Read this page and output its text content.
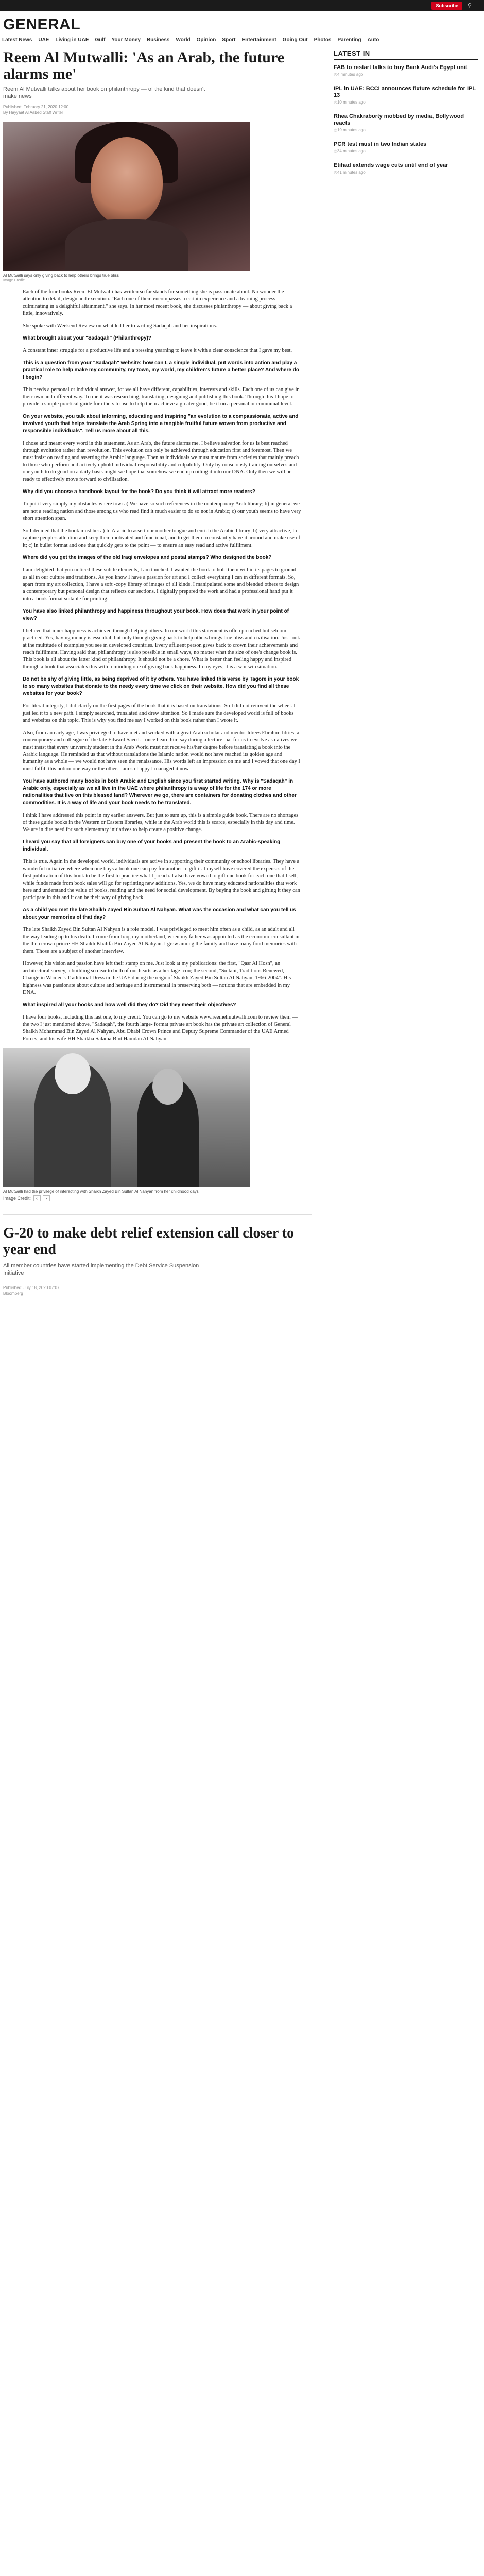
Subscribe	⚲
GENERAL
Latest News UAE Living in UAE Gulf Your Money Business World Opinion Sport Entertainment Going Out Photos Parenting Auto
Reem Al Mutwalli: 'As an Arab, the future alarms me'
Reem Al Mutwalli talks about her book on philanthropy — of the kind that doesn't make news
Published: February 21, 2020 12:00
By Hayyaat Al Aabed Staff Writer
Al Mutwalli says only giving back to help others brings true bliss
Image Credit:

Each of the four books Reem El Mutwalli has written so far stands for something she is passionate about. No wonder the attention to detail, design and execution. "Each one of them encompasses a certain experience and a learning process culminating in a delightful attainment," she says. In her most recent book, she discusses philanthropy — about giving back a little, innovatively.

She spoke with Weekend Review on what led her to writing Sadaqah and her inspirations.

What brought about your "Sadaqah" (Philanthropy)?

A constant inner struggle for a productive life and a pressing yearning to leave it with a clear conscience that I gave my best.

This is a question from your "Sadaqah" website: how can I, a simple individual, put words into action and play a practical role to help make my community, my town, my world, my children's future a better place? And where do I begin?

This needs a personal or individual answer, for we all have different, capabilities, interests and skills. Each one of us can give in their own and different way. To me it was researching, translating, designing and publishing this book. Through this I hope to provide a simple practical guide for others to use to help them achieve a greater good, be it on a personal or communal level.

On your website, you talk about informing, educating and inspiring "an evolution to a compassionate, active and involved youth that helps translate the Arab Spring into a tangible fruitful future woven from productive and responsible individuals". Tell us more about all this.

I chose and meant every word in this statement. As an Arab, the future alarms me. I believe salvation for us is best reached through evolution rather than revolution. This evolution can only be achieved through education first and foremost. Then we must insist on reading and asserting the Arabic language. Then as individuals we must mature from societies that mainly preach to those who perform and actively uphold individual responsibility and culpability. Only by consciously training ourselves and our youth to do good on a daily basis might we hope that somehow we end up coiling it into our DNA. Only then we will be ready to effectively move forward to civilisation.

Why did you choose a handbook layout for the book? Do you think it will attract more readers?

To put it very simply my obstacles where tow: a) We have so such references in the contemporary Arab library; b) in general we are not a reading nation and those among us who read find it much easier to do so not in Arabic; c) our youth seems to have very short attention span.

So I decided that the book must be: a) In Arabic to assert our mother tongue and enrich the Arabic library; b) very attractive, to capture people's attention and keep them motivated and functional, and to get them to constantly have it around and make use of it; c) in bullet format and one that quickly gets to the point — to ensure an easy read and active fulfilment.

Where did you get the images of the old Iraqi envelopes and postal stamps? Who designed the book?

I am delighted that you noticed these subtle elements, I am touched. I wanted the book to hold them within its pages to ground us all in our culture and traditions. As you know I have a passion for art and I collect everything I can in different formats. So, apart from my art collection, I have a soft -copy library of images of all kinds. I manipulated some and blended others to design a contemporary but personal design that reflects our sections. I digitally prepared the work and had a professional hand put it into a book format suitable for printing.

You have also linked philanthropy and happiness throughout your book. How does that work in your point of view?

I believe that inner happiness is achieved through helping others. In our world this statement is often preached but seldom practiced. Yes, having money is essential, but only through giving back to help others brings true bliss and civilisation. Just look at the multitude of examples you see in developed countries. Every affluent person gives back to crown their achievements and reach fulfilment. Having said that, philanthropy is also possible in small ways, no matter what the size of one's change book is. This book is all about the latter kind of philanthropy. It should not be a chore. What is better than feeling happy and inspired through a book that associates this with reminding one of giving back happiness. In my eyes, it is a win-win situation.

Do not be shy of giving little, as being deprived of it by others. You have linked this verse by Tagore in your book to so many websites that donate to the needy every time we click on their website. How did you find all these websites for your book?

For literal integrity, I did clarify on the first pages of the book that it is based on translations. So I did not reinvent the wheel. I just led it to a new path. I simply searched, translated and drew attention. So I made sure the developed world is full of books and websites on this topic. This is why you find me say I worked on this book rather than I wrote it.

Also, from an early age, I was privileged to have met and worked with a great Arab scholar and mentor Idrees Ebrahim Idries, a contemporary and colleague of the late Edward Saeed. I once heard him say during a lecture that for us to evolve as natives we must insist that every university student in the Arab World must not receive his/her degree before translating a book into the Arabic language. He reminded us that without translations the Islamic nation would not have reached its golden age and humanity as a whole — we would not have seen the renaissance. His words left an impression on me and I vowed that one day I must fulfill this notion one way or the other. I am so happy I managed it now.

You have authored many books in both Arabic and English since you first started writing. Why is "Sadaqah" in Arabic only, especially as we all live in the UAE where philanthropy is a way of life for the 174 or more nationalities that live on this blessed land? Wherever we go, there are containers for donating clothes and other commodities. It is a way of life and your book needs to be translated.

I think I have addressed this point in my earlier answers. But just to sum up, this is a simple guide book. There are no shortages of these guide books in the Western or Eastern libraries, while in the Arab world this is scarce, especially in this day and time. We are in dire need for such elementary initiatives to help create a positive change.

I heard you say that all foreigners can buy one of your books and present the book to an Arabic-speaking individual.

This is true. Again in the developed world, individuals are active in supporting their community or school libraries. They have a wonderful initiative where when one buys a book one can pay for another to gift it. I myself have covered the expenses of the first publication of this book to be the first to practice what I preach. I also have vowed to gift one book for each one that I sell, while funds made from book sales will go for reprinting new additions. Yes, we do have many educated nationalities that work here and understand the value of books, reading and the need for social development. By buying the book and gifting it they can participate in this and it can be their way of giving back.

As a child you met the late Shaikh Zayed Bin Sultan Al Nahyan. What was the occasion and what can you tell us about your memories of that day?

The late Shaikh Zayed Bin Sultan Al Nahyan is a role model, I was privileged to meet him often as a child, as an adult and all the way leading up to his death. I come from Iraq, my motherland, when my father was appointed as the economic consultant in the then crown prince HH Shaikh Khalifa Bin Zayed Al Nahyan. I grew among the family and have many fond memories with them. Those are a subject of another interview.

However, his vision and passion have left their stamp on me. Just look at my publications: the first, "Qasr Al Hosn", an architectural survey, a building so dear to both of our hearts as a heritage icon; the second, "Sultani, Traditions Renewed, Change in Women's Traditional Dress in the UAE during the reign of Shaikh Zayed Bin Sultan Al Nahyan, 1966-2004". His highness was passionate about culture and heritage and instrumental in preserving both — notions that are embedded in my DNA.

What inspired all your books and how well did they do? Did they meet their objectives?

I have four books, including this last one, to my credit. You can go to my website www.reemelmutwalli.com to review them — the two I just mentioned above, "Sadaqah", the fourth large- format private art book has the private art collection of General Shaikh Mohammad Bin Zayed Al Nahyan, Abu Dhabi Crown Prince and Deputy Supreme Commander of the UAE Armed Forces, and his wife HH Shaikha Salama Bint Hamdan Al Nahyan.

Al Mutwalli had the privilege of interacting with Shaikh Zayed Bin Sultan Al Nahyan from her childhood days
Image Credit: ‹ ›
G-20 to make debt relief extension call closer to year end
All member countries have started implementing the Debt Service Suspension Initiative
Published: July 18, 2020 07:07
Bloomberg
LATEST IN
FAB to restart talks to buy Bank Audi's Egypt unit
◴ 4 minutes ago
IPL in UAE: BCCI announces fixture schedule for IPL 13
◴ 10 minutes ago
Rhea Chakraborty mobbed by media, Bollywood reacts
◴ 19 minutes ago
PCR test must in two Indian states
◴ 34 minutes ago
Etihad extends wage cuts until end of year
◴ 41 minutes ago
